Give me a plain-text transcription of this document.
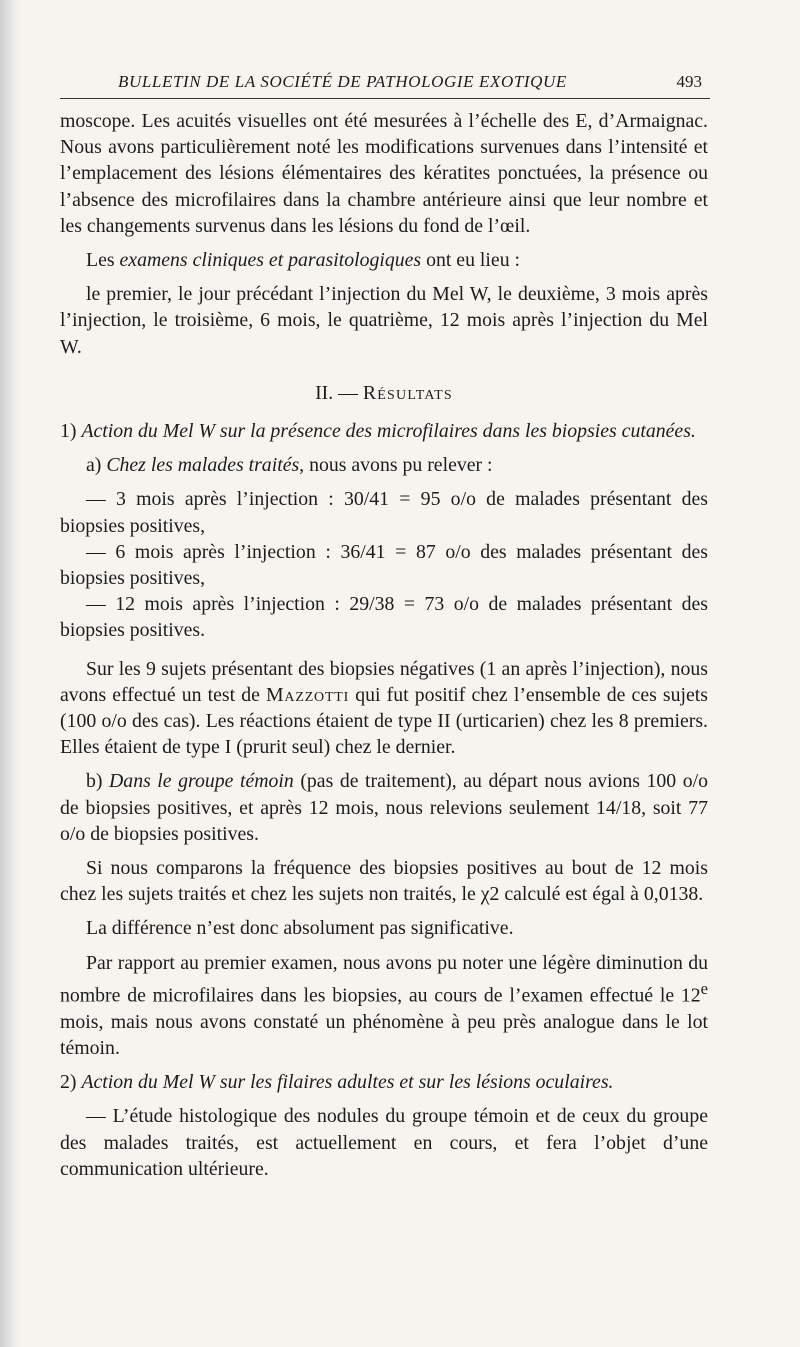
BULLETIN DE LA SOCIÉTÉ DE PATHOLOGIE EXOTIQUE	493

moscope. Les acuités visuelles ont été mesurées à l’échelle des E, d’Armaignac. Nous avons particulièrement noté les modifications survenues dans l’intensité et l’emplacement des lésions élémentaires des kératites ponctuées, la présence ou l’absence des microfilaires dans la chambre antérieure ainsi que leur nombre et les changements survenus dans les lésions du fond de l’œil.

Les examens cliniques et parasitologiques ont eu lieu :

le premier, le jour précédant l’injection du Mel W, le deuxième, 3 mois après l’injection, le troisième, 6 mois, le quatrième, 12 mois après l’injection du Mel W.

II. — Résultats

1) Action du Mel W sur la présence des microfilaires dans les biopsies cutanées.

a) Chez les malades traités, nous avons pu relever :

— 3 mois après l’injection : 30/41 = 95 o/o de malades présentant des biopsies positives,

— 6 mois après l’injection : 36/41 = 87 o/o des malades présentant des biopsies positives,

— 12 mois après l’injection : 29/38 = 73 o/o de malades présentant des biopsies positives.

Sur les 9 sujets présentant des biopsies négatives (1 an après l’injection), nous avons effectué un test de Mazzotti qui fut positif chez l’ensemble de ces sujets (100 o/o des cas). Les réactions étaient de type II (urticarien) chez les 8 premiers. Elles étaient de type I (prurit seul) chez le dernier.

b) Dans le groupe témoin (pas de traitement), au départ nous avions 100 o/o de biopsies positives, et après 12 mois, nous relevions seulement 14/18, soit 77 o/o de biopsies positives.

Si nous comparons la fréquence des biopsies positives au bout de 12 mois chez les sujets traités et chez les sujets non traités, le χ2 calculé est égal à 0,0138.

La différence n’est donc absolument pas significative.

Par rapport au premier examen, nous avons pu noter une légère diminution du nombre de microfilaires dans les biopsies, au cours de l’examen effectué le 12e mois, mais nous avons constaté un phénomène à peu près analogue dans le lot témoin.

2) Action du Mel W sur les filaires adultes et sur les lésions oculaires.

— L’étude histologique des nodules du groupe témoin et de ceux du groupe des malades traités, est actuellement en cours, et fera l’objet d’une communication ultérieure.
